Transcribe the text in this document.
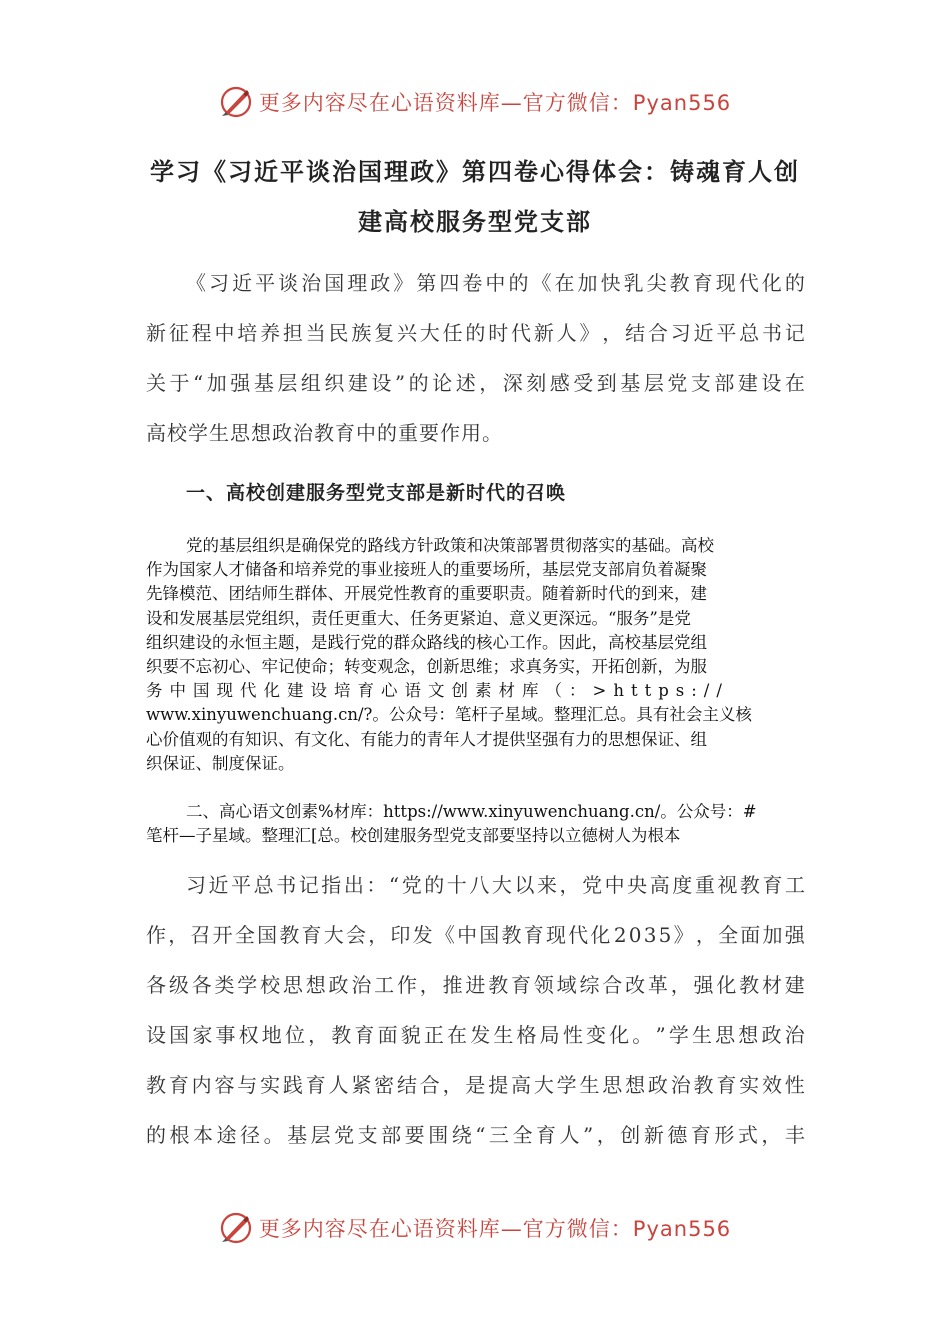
更多内容尽在心语资料库—官方微信：Pyan556
学习《习近平谈治国理政》第四卷心得体会：铸魂育人创
建高校服务型党支部
《 习 近 平 谈 治 国 理 政 》 第 四 卷 中 的 《 在 加 快 乳 尖 教 育 现 代 化 的
新 征 程 中 培 养 担 当 民 族 复 兴 大 任 的 时 代 新 人 》 ， 结 合 习 近 平 总 书 记
关 于 “ 加 强 基 层 组 织 建 设 ” 的 论 述 ， 深 刻 感 受 到 基 层 党 支 部 建 设 在
高校学生思想政治教育中的重要作用。
一、高校创建服务型党支部是新时代的召唤
党的基层组织是确保党的路线方针政策和决策部署贯彻落实的基础。高校
作为国家人才储备和培养党的事业接班人的重要场所，基层党支部肩负着凝聚
先锋模范、团结师生群体、开展党性教育的重要职责。随着新时代的到来，建
设和发展基层党组织，责任更重大、任务更紧迫、意义更深远。“服务”是党
组织建设的永恒主题，是践行党的群众路线的核心工作。因此，高校基层党组
织要不忘初心、牢记使命；转变观念，创新思维；求真务实，开拓创新，为服
务中国现代化建设培育心语文创素材库（：>https://
www.xinyuwenchuang.cn/?。公众号：笔杆子星域。整理汇总。具有社会主义核
心价值观的有知识、有文化、有能力的青年人才提供坚强有力的思想保证、组
织保证、制度保证。
二、高心语文创素%材库：https://www.xinyuwenchuang.cn/。公众号：#
笔杆—子星域。整理汇[总。校创建服务型党支部要坚持以立德树人为根本
习 近 平 总 书 记 指 出 ： “ 党 的 十 八 大 以 来 ， 党 中 央 高 度 重 视 教 育 工
作 ， 召 开 全 国 教 育 大 会 ， 印 发 《 中 国 教 育 现 代 化 2 0 3 5 》 ， 全 面 加 强
各 级 各 类 学 校 思 想 政 治 工 作 ， 推 进 教 育 领 域 综 合 改 革 ， 强 化 教 材 建
设 国 家 事 权 地 位 ， 教 育 面 貌 正 在 发 生 格 局 性 变 化 。 ” 学 生 思 想 政 治
教 育 内 容 与 实 践 育 人 紧 密 结 合 ， 是 提 高 大 学 生 思 想 政 治 教 育 实 效 性
的 根 本 途 径 。 基 层 党 支 部 要 围 绕 “ 三 全 育 人 ” ， 创 新 德 育 形 式 ， 丰
更多内容尽在心语资料库—官方微信：Pyan556
